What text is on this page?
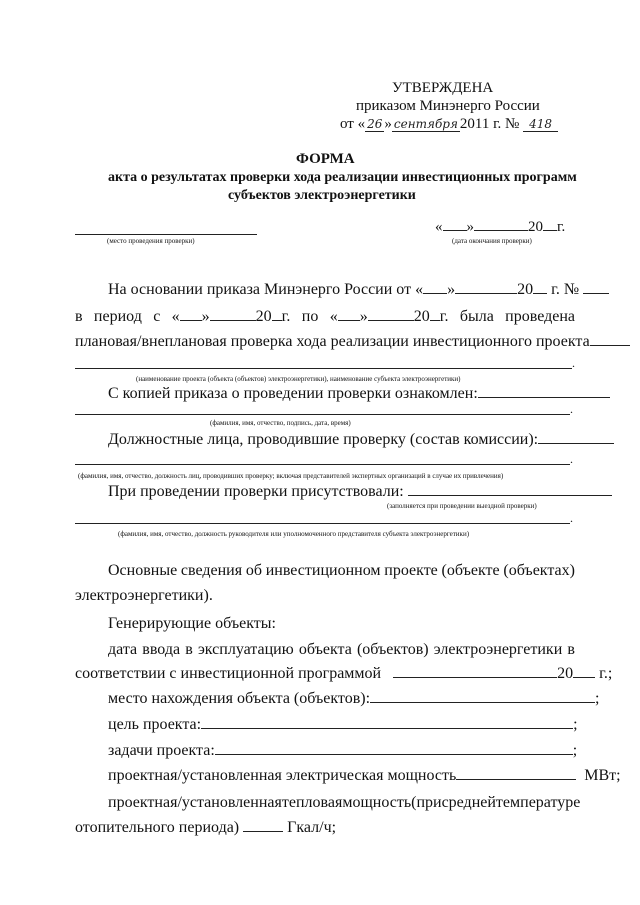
УТВЕРЖДЕНА
приказом Минэнерго России
от « 26 » сентября 2011 г. № 418
ФОРМА
акта о результатах проверки хода реализации инвестиционных программ
субъектов электроэнергетики
(место проведения проверки)
« »	20 г.
(дата окончания проверки)
На основании приказа Минэнерго России от « »	20 г. №
в период с « »	20 г. по « »	20 г. была проведена
плановая/внеплановая проверка хода реализации инвестиционного проекта
.
(наименование проекта (объекта (объектов) электроэнергетики), наименование субъекта электроэнергетики)
С копией приказа о проведении проверки ознакомлен:
.
(фамилия, имя, отчество, подпись, дата, время)
Должностные лица, проводившие проверку (состав комиссии):
.
(фамилия, имя, отчество, должность лиц, проводивших проверку; включая представителей экспертных организаций в случае их привлечения)
При проведении проверки присутствовали:
(заполняется при проведении выездной проверки)
.
(фамилия, имя, отчество, должность руководителя или уполномоченного представителя субъекта электроэнергетики)
Основные сведения об инвестиционном проекте (объекте (объектах)
электроэнергетики).
Генерирующие объекты:
дата ввода в эксплуатацию объекта (объектов) электроэнергетики в
соответствии с инвестиционной программой	20 г.;
место нахождения объекта (объектов):	;
цель проекта:	;
задачи проекта:	;
проектная/установленная электрическая мощность	МВт;
проектная/установленная тепловая мощность (при средней температуре
отопительного периода)	Гкал/ч;
